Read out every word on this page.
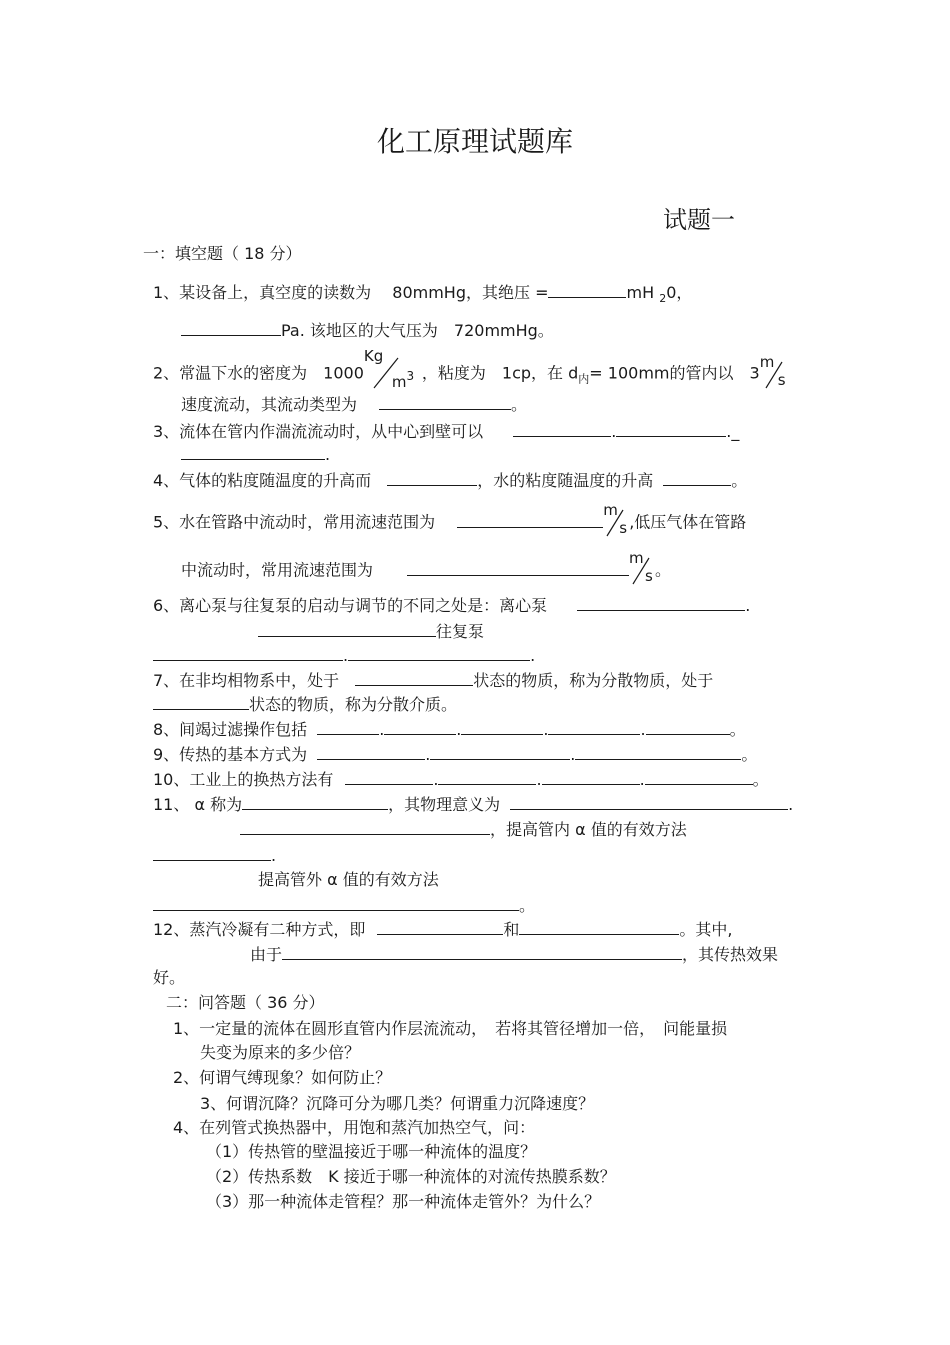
化工原理试题库
试题一
一：填空题（ 18 分）
1、某设备上，真空度的读数为　 80mmHg，其绝压 =	mH $_2$0，
Pa. 该地区的大气压为　720mmHg。
2、常温下水的密度为　1000
Kg
$m^3$ ，粘度为　1cp，在 $d_内= 100mm$的管内以　3
m
s
速度流动，其流动类型为	。
3、流体在管内作湍流流动时，从中心到壁可以	.	._
.
4、气体的粘度随温度的升高而	，水的粘度随温度的升高	。
5、水在管路中流动时，常用流速范围为
m
s ,低压气体在管路
中流动时，常用流速范围为
m
s 。
6、离心泵与往复泵的启动与调节的不同之处是：离心泵	.
往复泵
.	.
7、在非均相物系中，处于	状态的物质，称为分散物质，处于
状态的物质，称为分散介质。
8、间竭过滤操作包括	.	.	.	.	。
9、传热的基本方式为	.	.	。
10、工业上的换热方法有	.	.	.	。
11、 α 称为	，其物理意义为	.
，提高管内 α 值的有效方法
.
提高管外 α 值的有效方法
。
12、蒸汽冷凝有二种方式，即	和	。其中,
由于	，其传热效果
好。
二：问答题（ 36 分）
1、一定量的流体在圆形直管内作层流流动，　若将其管径增加一倍，　问能量损
失变为原来的多少倍？
2、何谓气缚现象？如何防止？
3、何谓沉降？沉降可分为哪几类？何谓重力沉降速度？
4、在列管式换热器中，用饱和蒸汽加热空气，问：
（1）传热管的壁温接近于哪一种流体的温度？
（2）传热系数　K 接近于哪一种流体的对流传热膜系数？
（3）那一种流体走管程？那一种流体走管外？为什么？
